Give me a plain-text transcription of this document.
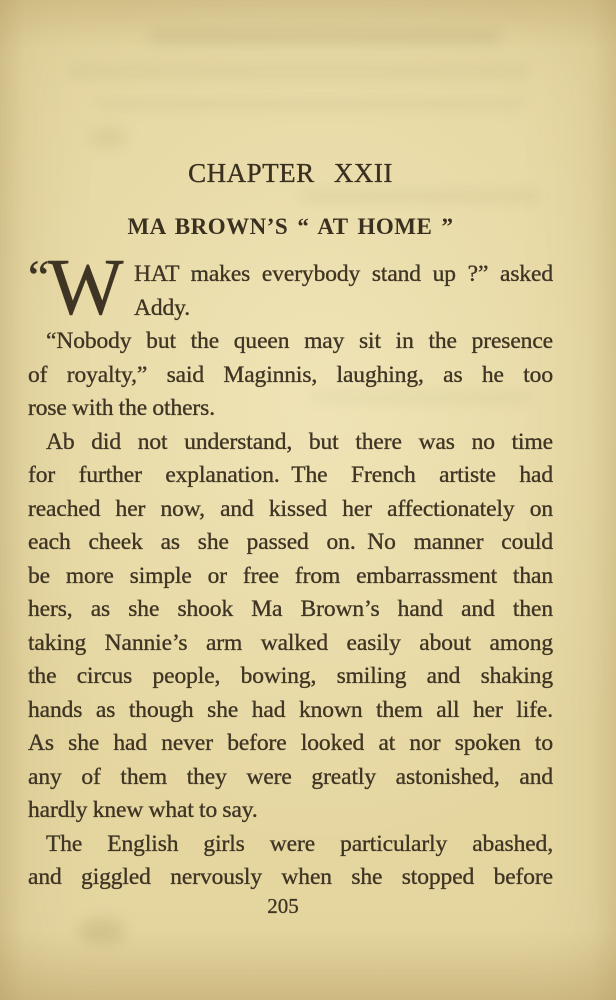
CHAPTER XXII
MA BROWN’S “ AT HOME ”
“
W HAT makes everybody stand up ?” asked
Addy.
“Nobody but the queen may sit in the presence
of royalty,” said Maginnis, laughing, as he too
rose with the others.
Ab did not understand, but there was no time
for further explanation. The French artiste had
reached her now, and kissed her affectionately on
each cheek as she passed on. No manner could
be more simple or free from embarrassment than
hers, as she shook Ma Brown’s hand and then
taking Nannie’s arm walked easily about among
the circus people, bowing, smiling and shaking
hands as though she had known them all her life.
As she had never before looked at nor spoken to
any of them they were greatly astonished, and
hardly knew what to say.
The English girls were particularly abashed,
and giggled nervously when she stopped before
205
